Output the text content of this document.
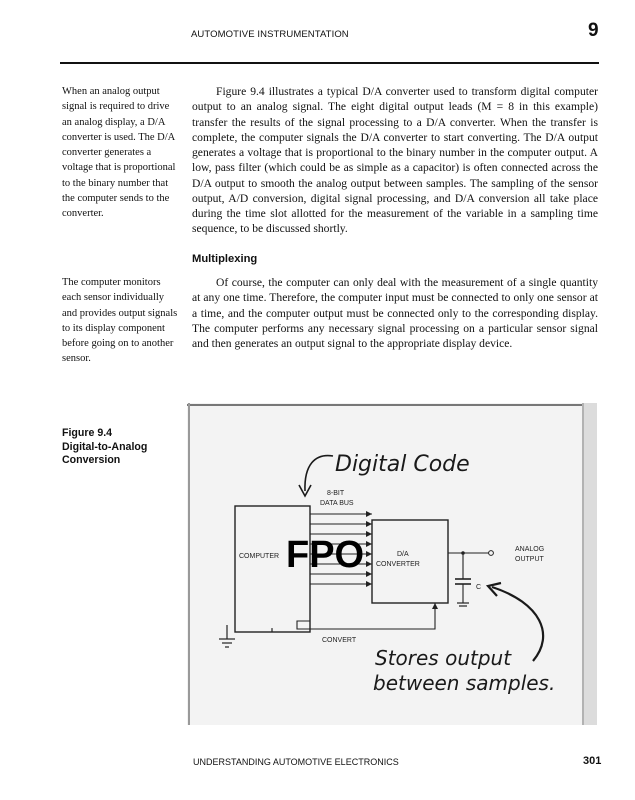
AUTOMOTIVE INSTRUMENTATION	9
When an analog output signal is required to drive an analog display, a D/A converter is used. The D/A converter generates a voltage that is proportional to the binary number that the computer sends to the converter.
The computer monitors each sensor individually and provides output signals to its display component before going on to another sensor.
Figure 9.4 illustrates a typical D/A converter used to transform digital computer output to an analog signal. The eight digital output leads (M = 8 in this example) transfer the results of the signal processing to a D/A converter. When the transfer is complete, the computer signals the D/A converter to start converting. The D/A output generates a voltage that is proportional to the binary number in the computer output. A low, pass filter (which could be as simple as a capacitor) is often connected across the D/A output to smooth the analog output between samples. The sampling of the sensor output, A/D conversion, digital signal processing, and D/A conversion all take place during the time slot allotted for the measurement of the variable in a sampling time sequence, to be discussed shortly.
Multiplexing
Of course, the computer can only deal with the measurement of a single quantity at any one time. Therefore, the computer input must be connected to only one sensor at a time, and the computer output must be connected only to the corresponding display. The computer performs any necessary signal processing on a particular sensor signal and then generates an output signal to the appropriate display device.
Figure 9.4
Digital-to-Analog
Conversion	Digital Code
8-BIT
DATA BUS
COMPUTER	D/A
CONVERTER
CONVERT
ANALOG
OUTPUT
C
Stores output
between samples.
FPO
UNDERSTANDING AUTOMOTIVE ELECTRONICS	301
